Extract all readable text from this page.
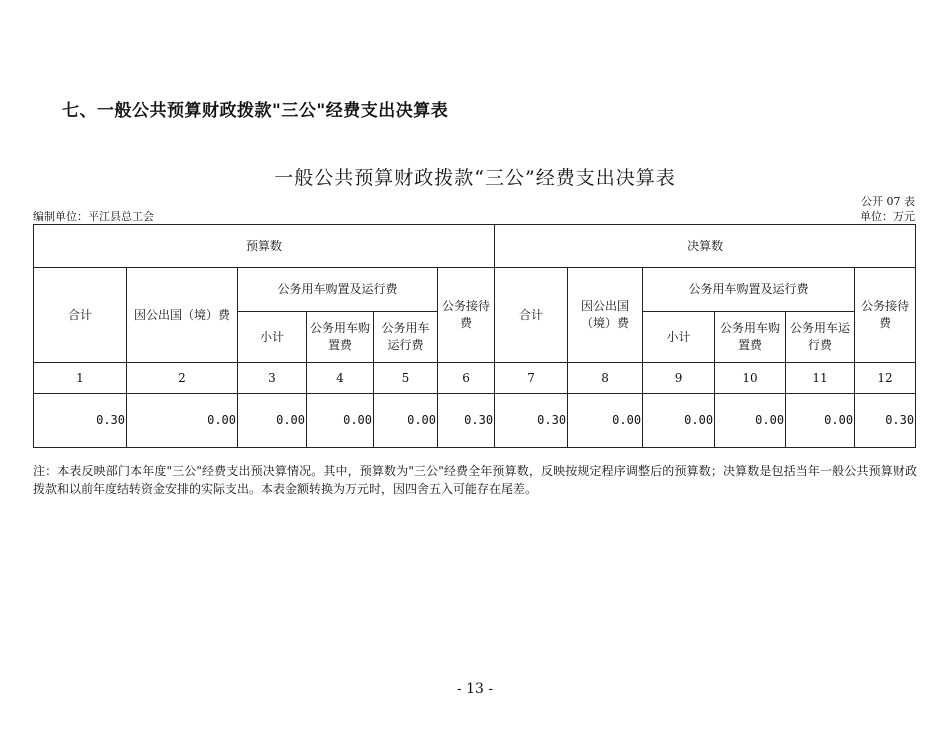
七、一般公共预算财政拨款"三公"经费支出决算表
一般公共预算财政拨款“三公”经费支出决算表
公开 07 表
编制单位：平江县总工会	单位：万元
预算数						决算数					
合计	因公出国（境）费	公务用车购置及运行费			公务接待费	合计	因公出国（境）费	公务用车购置及运行费			公务接待费
		小计	公务用车购置费	公务用车运行费				小计	公务用车购置费	公务用车运行费	
1	2	3	4	5	6	7	8	9	10	11	12
0.30	0.00	0.00	0.00	0.00	0.30	0.30	0.00	0.00	0.00	0.00	0.30
注：本表反映部门本年度"三公"经费支出预决算情况。其中，预算数为"三公"经费全年预算数，反映按规定程序调整后的预算数；决算数是包括当年一般公共预算财政拨款和以前年度结转资金安排的实际支出。本表金额转换为万元时，因四舍五入可能存在尾差。
- 13 -
